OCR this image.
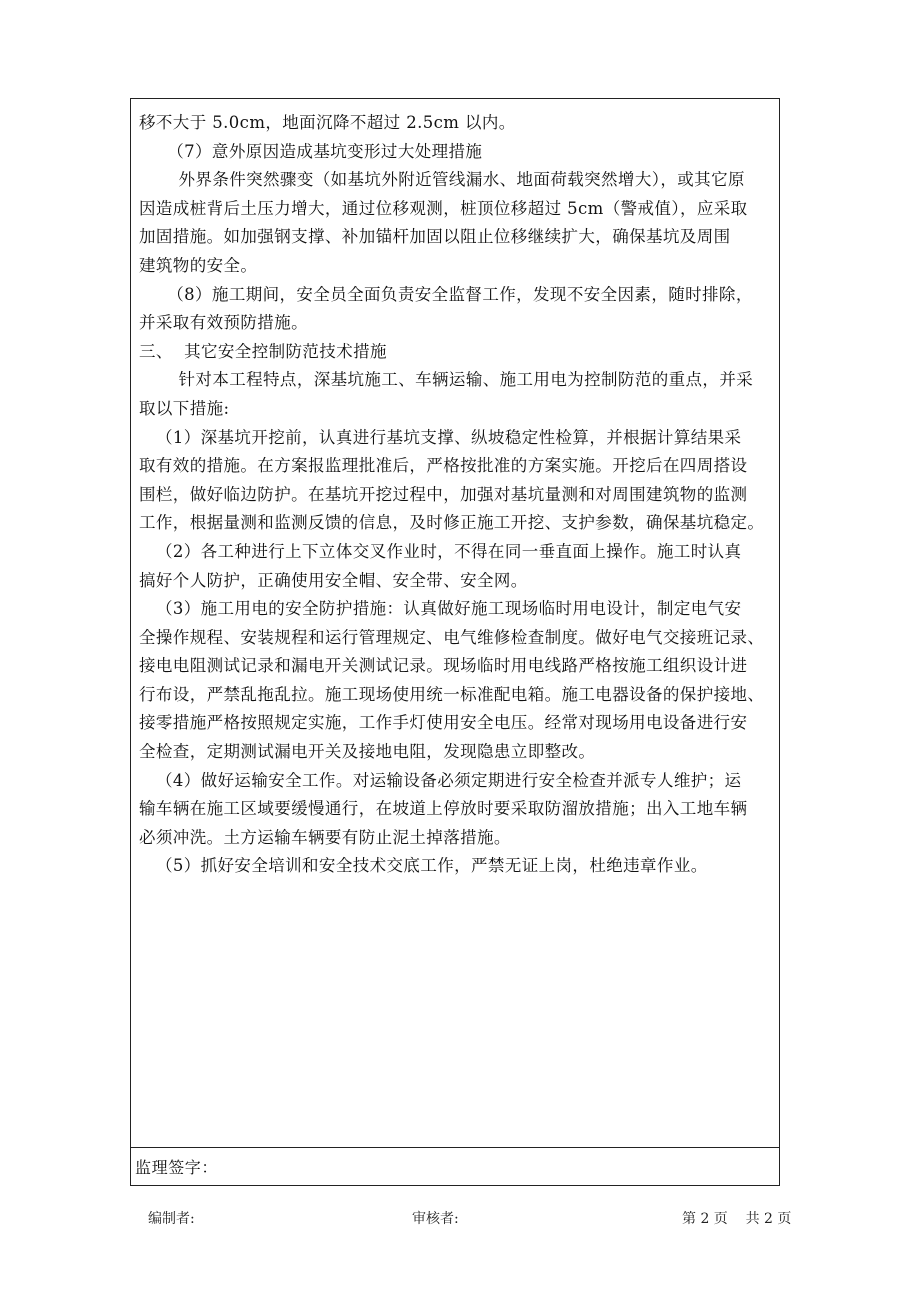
移不大于 5.0cm，地面沉降不超过 2.5cm 以内。

（7）意外原因造成基坑变形过大处理措施

外界条件突然骤变（如基坑外附近管线漏水、地面荷载突然增大），或其它原

因造成桩背后土压力增大，通过位移观测，桩顶位移超过 5cm（警戒值），应采取

加固措施。如加强钢支撑、补加锚杆加固以阻止位移继续扩大，确保基坑及周围

建筑物的安全。

（8）施工期间，安全员全面负责安全监督工作，发现不安全因素，随时排除，

并采取有效预防措施。

三、  其它安全控制防范技术措施

针对本工程特点，深基坑施工、车辆运输、施工用电为控制防范的重点，并采

取以下措施:

（1）深基坑开挖前，认真进行基坑支撑、纵坡稳定性检算，并根据计算结果采

取有效的措施。在方案报监理批准后，严格按批准的方案实施。开挖后在四周搭设

围栏，做好临边防护。在基坑开挖过程中，加强对基坑量测和对周围建筑物的监测

工作，根据量测和监测反馈的信息，及时修正施工开挖、支护参数，确保基坑稳定。

（2）各工种进行上下立体交叉作业时，不得在同一垂直面上操作。施工时认真

搞好个人防护，正确使用安全帽、安全带、安全网。

（3）施工用电的安全防护措施：认真做好施工现场临时用电设计，制定电气安

全操作规程、安装规程和运行管理规定、电气维修检查制度。做好电气交接班记录、

接电电阻测试记录和漏电开关测试记录。现场临时用电线路严格按施工组织设计进

行布设，严禁乱拖乱拉。施工现场使用统一标准配电箱。施工电器设备的保护接地、

接零措施严格按照规定实施，工作手灯使用安全电压。经常对现场用电设备进行安

全检查，定期测试漏电开关及接地电阻，发现隐患立即整改。

（4）做好运输安全工作。对运输设备必须定期进行安全检查并派专人维护；运

输车辆在施工区域要缓慢通行，在坡道上停放时要采取防溜放措施；出入工地车辆

必须冲洗。土方运输车辆要有防止泥土掉落措施。

（5）抓好安全培训和安全技术交底工作，严禁无证上岗，杜绝违章作业。

监理签字：
编制者:	审核者:	第 2 页    共 2 页
